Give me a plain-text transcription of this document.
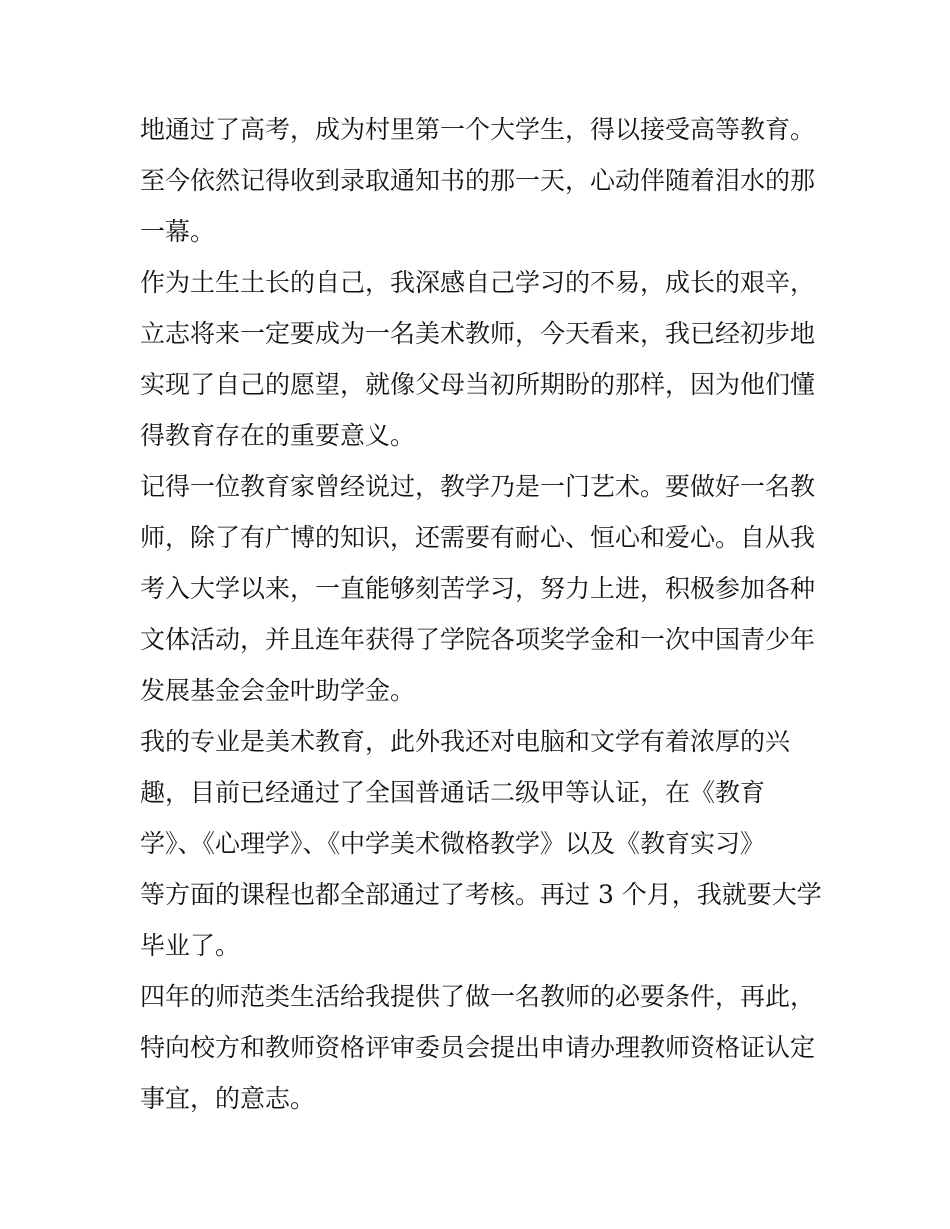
地通过了高考，成为村里第一个大学生，得以接受高等教育。
至今依然记得收到录取通知书的那一天，心动伴随着泪水的那
一幕。
作为土生土长的自己，我深感自己学习的不易，成长的艰辛，
立志将来一定要成为一名美术教师，今天看来，我已经初步地
实现了自己的愿望，就像父母当初所期盼的那样，因为他们懂
得教育存在的重要意义。
记得一位教育家曾经说过，教学乃是一门艺术。要做好一名教
师，除了有广博的知识，还需要有耐心、恒心和爱心。自从我
考入大学以来，一直能够刻苦学习，努力上进，积极参加各种
文体活动，并且连年获得了学院各项奖学金和一次中国青少年
发展基金会金叶助学金。
我的专业是美术教育，此外我还对电脑和文学有着浓厚的兴
趣，目前已经通过了全国普通话二级甲等认证，在《教育
学》、《心理学》、《中学美术微格教学》以及《教育实习》
等方面的课程也都全部通过了考核。再过 3 个月，我就要大学
毕业了。
四年的师范类生活给我提供了做一名教师的必要条件，再此，
特向校方和教师资格评审委员会提出申请办理教师资格证认定
事宜，的意志。
